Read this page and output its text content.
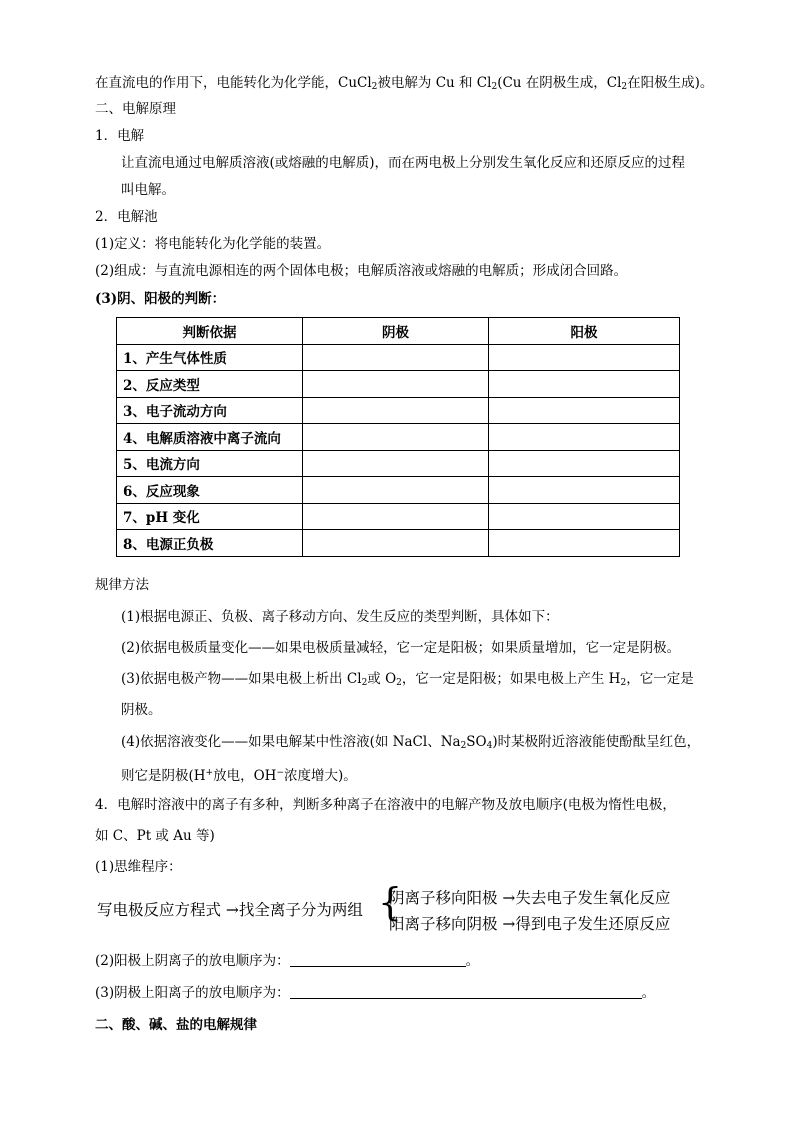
在直流电的作用下，电能转化为化学能，CuCl$_2$被电解为 Cu 和 $Cl_2(Cu$ 在阴极生成，$Cl_2$在阳极生成)。
二、电解原理
1．电解
让直流电通过电解质溶液(或熔融的电解质)，而在两电极上分别发生氧化反应和还原反应的过程
叫电解。
2．电解池
(1)定义：将电能转化为化学能的装置。
(2)组成：与直流电源相连的两个固体电极；电解质溶液或熔融的电解质；形成闭合回路。
(3)阴、阳极的判断：
判断依据	阴极	阳极
1、产生气体性质		
2、反应类型		
3、电子流动方向		
4、电解质溶液中离子流向		
5、电流方向		
6、反应现象		
7、pH 变化		
8、电源正负极		
规律方法
(1)根据电源正、负极、离子移动方向、发生反应的类型判断，具体如下：
(2)依据电极质量变化——如果电极质量减轻，它一定是阳极；如果质量增加，它一定是阴极。
(3)依据电极产物——如果电极上析出 $Cl_2$或 $O_2$，它一定是阳极；如果电极上产生 $H_2$，它一定是
阴极。
(4)依据溶液变化——如果电解某中性溶液(如 NaCl、$Na_2SO_4$)时某极附近溶液能使酚酞呈红色，
则它是阴极(H+放电，OH−浓度增大)。
4．电解时溶液中的离子有多种，判断多种离子在溶液中的电解产物及放电顺序(电极为惰性电极，
如 C、Pt 或 Au 等)
(1)思维程序：
写电极反应方程式 →找全离子分为两组 {
阴离子移向阳极 →失去电子发生氧化反应
阳离子移向阴极 →得到电子发生还原反应
(2)阳极上阴离子的放电顺序为：	。
(3)阴极上阳离子的放电顺序为：	。
二、酸、碱、盐的电解规律
